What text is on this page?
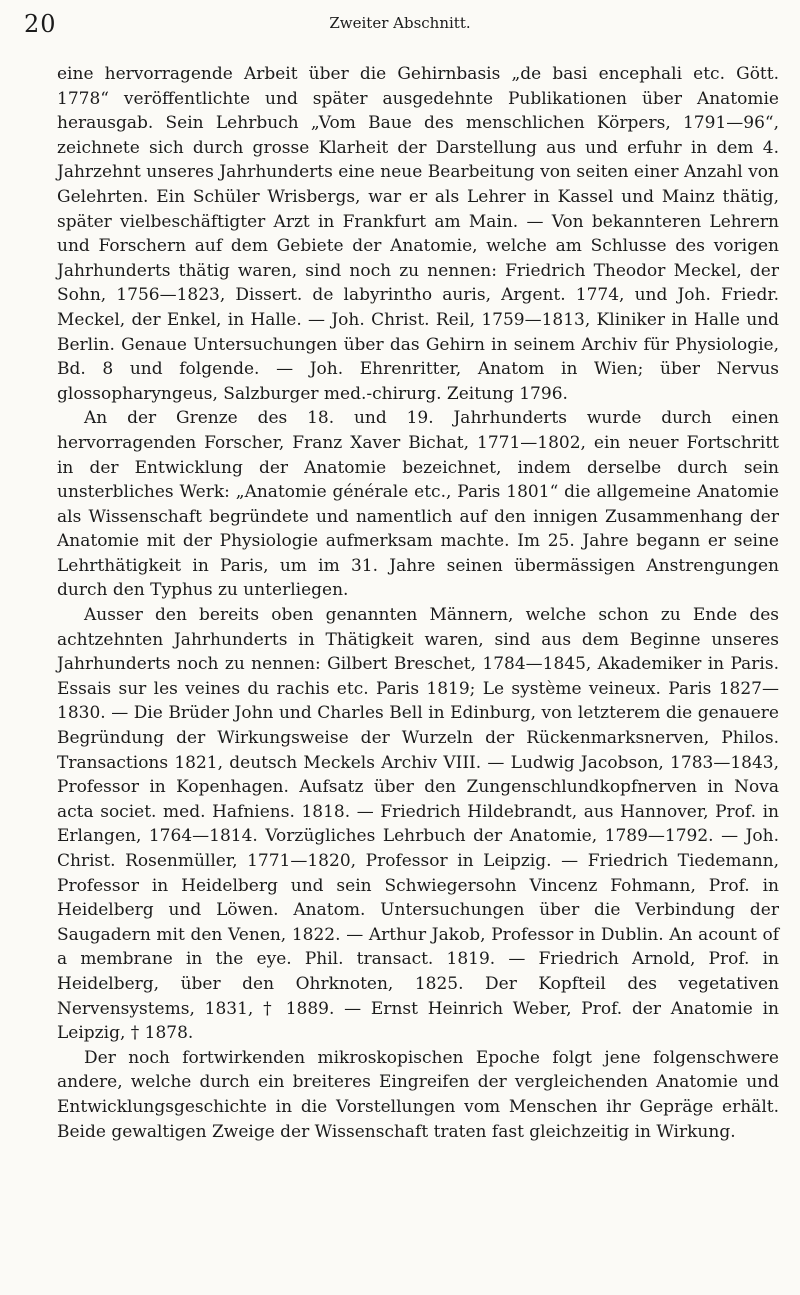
20	Zweiter Abschnitt.

eine hervorragende Arbeit über die Gehirnbasis „de basi encephali etc. Gött. 1778“ veröffentlichte und später ausgedehnte Publikationen über Anatomie herausgab. Sein Lehrbuch „Vom Baue des menschlichen Körpers, 1791—96“, zeichnete sich durch grosse Klarheit der Darstellung aus und erfuhr in dem 4. Jahrzehnt unseres Jahrhunderts eine neue Bearbeitung von seiten einer Anzahl von Gelehrten. Ein Schüler Wrisbergs, war er als Lehrer in Kassel und Mainz thätig, später vielbeschäftigter Arzt in Frankfurt am Main. — Von bekannteren Lehrern und Forschern auf dem Gebiete der Anatomie, welche am Schlusse des vorigen Jahrhunderts thätig waren, sind noch zu nennen: Friedrich Theodor Meckel, der Sohn, 1756—1823, Dissert. de labyrintho auris, Argent. 1774, und Joh. Friedr. Meckel, der Enkel, in Halle. — Joh. Christ. Reil, 1759—1813, Kliniker in Halle und Berlin. Genaue Untersuchungen über das Gehirn in seinem Archiv für Physiologie, Bd. 8 und folgende. — Joh. Ehrenritter, Anatom in Wien; über Nervus glossopharyngeus, Salzburger med.-chirurg. Zeitung 1796.

An der Grenze des 18. und 19. Jahrhunderts wurde durch einen hervorragenden Forscher, Franz Xaver Bichat, 1771—1802, ein neuer Fortschritt in der Entwicklung der Anatomie bezeichnet, indem derselbe durch sein unsterbliches Werk: „Anatomie générale etc., Paris 1801“ die allgemeine Anatomie als Wissenschaft begründete und namentlich auf den innigen Zusammenhang der Anatomie mit der Physiologie aufmerksam machte. Im 25. Jahre begann er seine Lehrthätigkeit in Paris, um im 31. Jahre seinen übermässigen Anstrengungen durch den Typhus zu unterliegen.

Ausser den bereits oben genannten Männern, welche schon zu Ende des achtzehnten Jahrhunderts in Thätigkeit waren, sind aus dem Beginne unseres Jahrhunderts noch zu nennen: Gilbert Breschet, 1784—1845, Akademiker in Paris. Essais sur les veines du rachis etc. Paris 1819; Le système veineux. Paris 1827—1830. — Die Brüder John und Charles Bell in Edinburg, von letzterem die genauere Begründung der Wirkungsweise der Wurzeln der Rückenmarksnerven, Philos. Transactions 1821, deutsch Meckels Archiv VIII. — Ludwig Jacobson, 1783—1843, Professor in Kopenhagen. Aufsatz über den Zungenschlundkopfnerven in Nova acta societ. med. Hafniens. 1818. — Friedrich Hildebrandt, aus Hannover, Prof. in Erlangen, 1764—1814. Vorzügliches Lehrbuch der Anatomie, 1789—1792. — Joh. Christ. Rosenmüller, 1771—1820, Professor in Leipzig. — Friedrich Tiedemann, Professor in Heidelberg und sein Schwiegersohn Vincenz Fohmann, Prof. in Heidelberg und Löwen. Anatom. Untersuchungen über die Verbindung der Saugadern mit den Venen, 1822. — Arthur Jakob, Professor in Dublin. An acount of a membrane in the eye. Phil. transact. 1819. — Friedrich Arnold, Prof. in Heidelberg, über den Ohrknoten, 1825. Der Kopfteil des vegetativen Nervensystems, 1831, † 1889. — Ernst Heinrich Weber, Prof. der Anatomie in Leipzig, † 1878.

Der noch fortwirkenden mikroskopischen Epoche folgt jene folgenschwere andere, welche durch ein breiteres Eingreifen der vergleichenden Anatomie und Entwicklungsgeschichte in die Vorstellungen vom Menschen ihr Gepräge erhält. Beide gewaltigen Zweige der Wissenschaft traten fast gleichzeitig in Wirkung.
